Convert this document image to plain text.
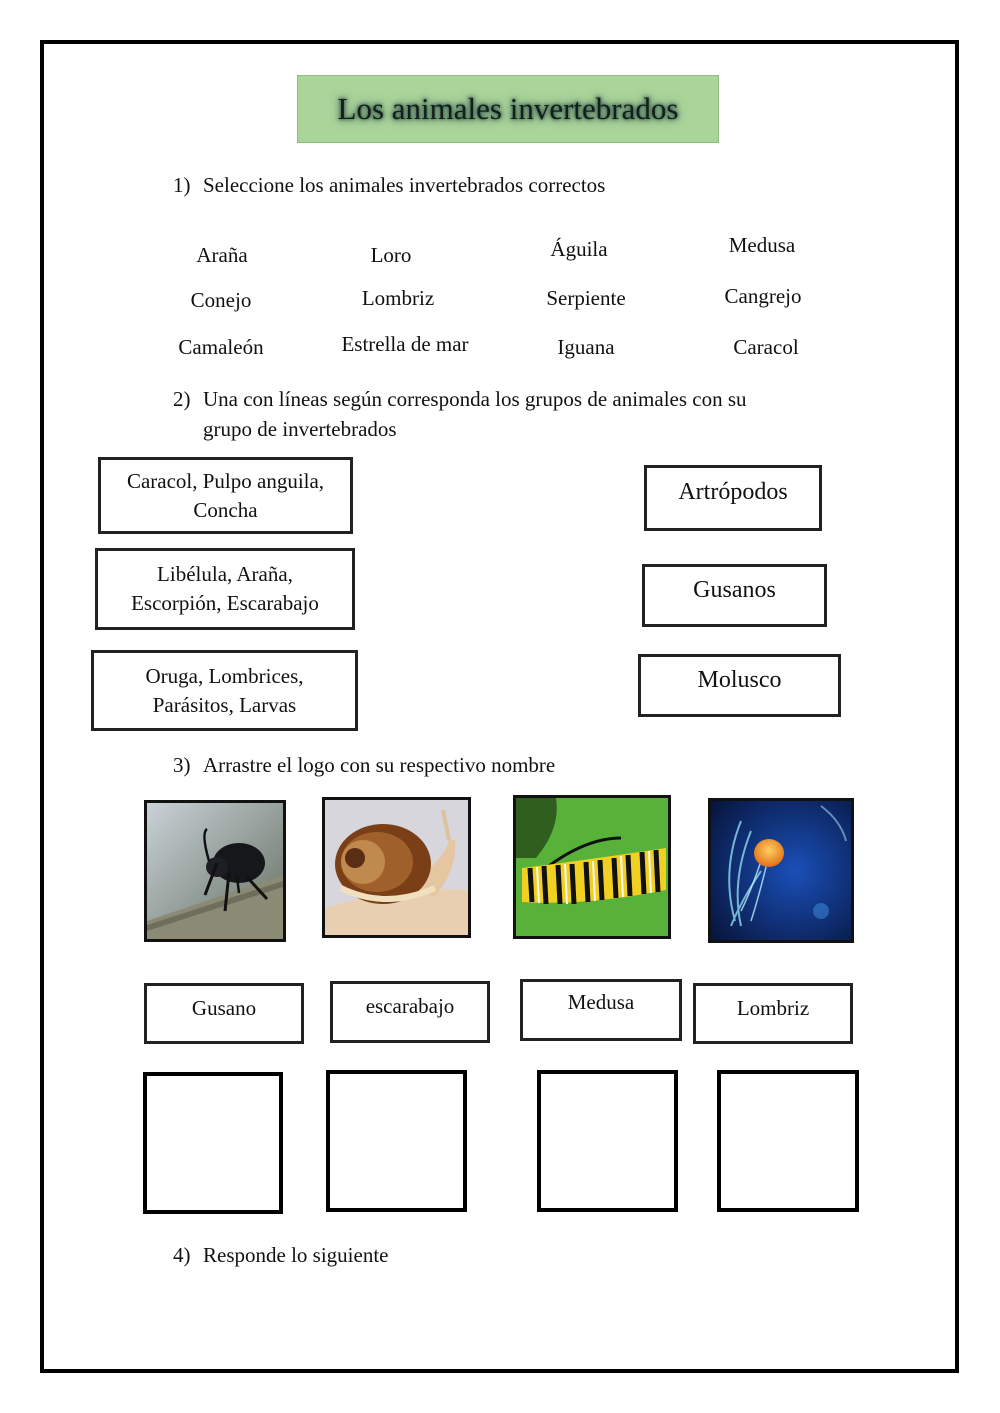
Los animales invertebrados
1) Seleccione los animales invertebrados correctos
Araña	Loro	Águila	Medusa
Conejo	Lombriz	Serpiente	Cangrejo
Camaleón	Estrella de mar	Iguana	Caracol
2) Una con líneas según corresponda los grupos de animales con su
grupo de invertebrados
Caracol, Pulpo anguila,
Concha
Libélula, Araña,
Escorpión, Escarabajo
Oruga, Lombrices,
Parásitos, Larvas
Artrópodos
Gusanos
Molusco
3) Arrastre el logo con su respectivo nombre
Gusano	escarabajo	Medusa	Lombriz
4) Responde lo siguiente
